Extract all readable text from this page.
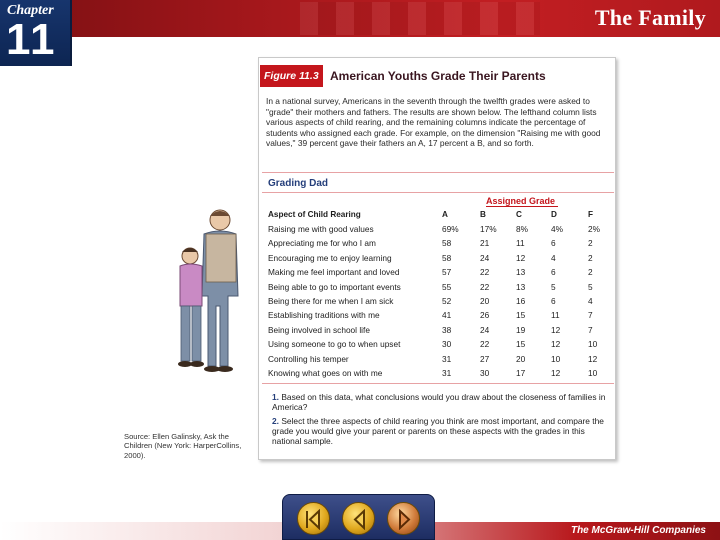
The Family
Chapter
11
Figure 11.3 American Youths Grade Their Parents
In a national survey, Americans in the seventh through the twelfth grades were asked to "grade" their mothers and fathers. The results are shown below. The lefthand column lists various aspects of child rearing, and the remaining columns indicate the percentage of students who assigned each grade. For example, on the dimension "Raising me with good values," 39 percent gave their fathers an A, 17 percent a B, and so forth.
Grading Dad
Assigned Grade
Aspect of Child Rearing	A	B	C	D	F
Raising me with good values	69%	17% 8%	4%	2%
Appreciating me for who I am	58	21	11	6	2
Encouraging me to enjoy learning	58	24	12	4	2
Making me feel important and loved	57	22	13	6	2
Being able to go to important events	55	22	13	5	5
Being there for me when I am sick	52	20	16	6	4
Establishing traditions with me	41	26	15	11	7
Being involved in school life	38	24	19	12	7
Using someone to go to when upset	30	22	15	12	10
Controlling his temper	31	27	20	10	12
Knowing what goes on with me	31	30	17	12	10
1. Based on this data, what conclusions would you draw about the closeness of families in America?
2. Select the three aspects of child rearing you think are most important, and compare the grade you would give your parent or parents on these aspects with the grades in this national sample.
Source: Ellen Galinsky, Ask the Children (New York: HarperCollins, 2000).
The McGraw-Hill Companies
